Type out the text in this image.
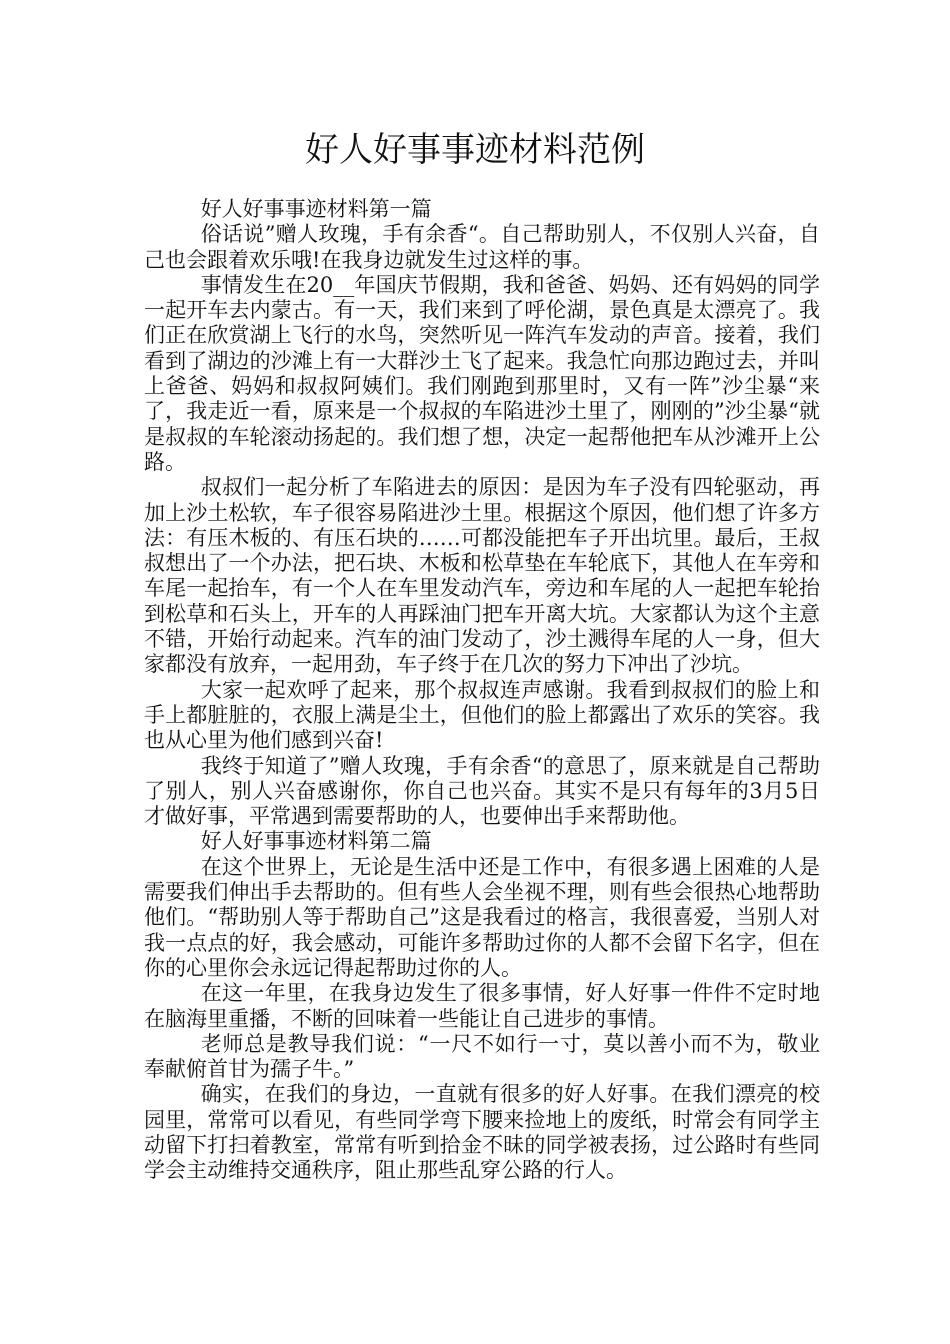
好人好事事迹材料范例

好人好事事迹材料第一篇

俗话说”赠人玫瑰，手有余香“。自己帮助别人，不仅别人兴奋，自己也会跟着欢乐哦!在我身边就发生过这样的事。

事情发生在20__年国庆节假期，我和爸爸、妈妈、还有妈妈的同学一起开车去内蒙古。有一天，我们来到了呼伦湖，景色真是太漂亮了。我们正在欣赏湖上飞行的水鸟，突然听见一阵汽车发动的声音。接着，我们看到了湖边的沙滩上有一大群沙土飞了起来。我急忙向那边跑过去，并叫上爸爸、妈妈和叔叔阿姨们。我们刚跑到那里时，又有一阵”沙尘暴“来了，我走近一看，原来是一个叔叔的车陷进沙土里了，刚刚的”沙尘暴“就是叔叔的车轮滚动扬起的。我们想了想，决定一起帮他把车从沙滩开上公路。

叔叔们一起分析了车陷进去的原因：是因为车子没有四轮驱动，再加上沙土松软，车子很容易陷进沙土里。根据这个原因，他们想了许多方法：有压木板的、有压石块的……可都没能把车子开出坑里。最后，王叔叔想出了一个办法，把石块、木板和松草垫在车轮底下，其他人在车旁和车尾一起抬车，有一个人在车里发动汽车，旁边和车尾的人一起把车轮抬到松草和石头上，开车的人再踩油门把车开离大坑。大家都认为这个主意不错，开始行动起来。汽车的油门发动了，沙土溅得车尾的人一身，但大家都没有放弃，一起用劲，车子终于在几次的努力下冲出了沙坑。

大家一起欢呼了起来，那个叔叔连声感谢。我看到叔叔们的脸上和手上都脏脏的，衣服上满是尘土，但他们的脸上都露出了欢乐的笑容。我也从心里为他们感到兴奋!

我终于知道了”赠人玫瑰，手有余香“的意思了，原来就是自己帮助了别人，别人兴奋感谢你，你自己也兴奋。其实不是只有每年的3月5日才做好事，平常遇到需要帮助的人，也要伸出手来帮助他。

好人好事事迹材料第二篇

在这个世界上，无论是生活中还是工作中，有很多遇上困难的人是需要我们伸出手去帮助的。但有些人会坐视不理，则有些会很热心地帮助他们。“帮助别人等于帮助自己”这是我看过的格言，我很喜爱，当别人对我一点点的好，我会感动，可能许多帮助过你的人都不会留下名字，但在你的心里你会永远记得起帮助过你的人。

在这一年里，在我身边发生了很多事情，好人好事一件件不定时地在脑海里重播，不断的回味着一些能让自己进步的事情。

老师总是教导我们说：“一尺不如行一寸，莫以善小而不为，敬业奉献俯首甘为孺子牛。”

确实，在我们的身边，一直就有很多的好人好事。在我们漂亮的校园里，常常可以看见，有些同学弯下腰来捡地上的废纸，时常会有同学主动留下打扫着教室，常常有听到拾金不昧的同学被表扬，过公路时有些同学会主动维持交通秩序，阻止那些乱穿公路的行人。
